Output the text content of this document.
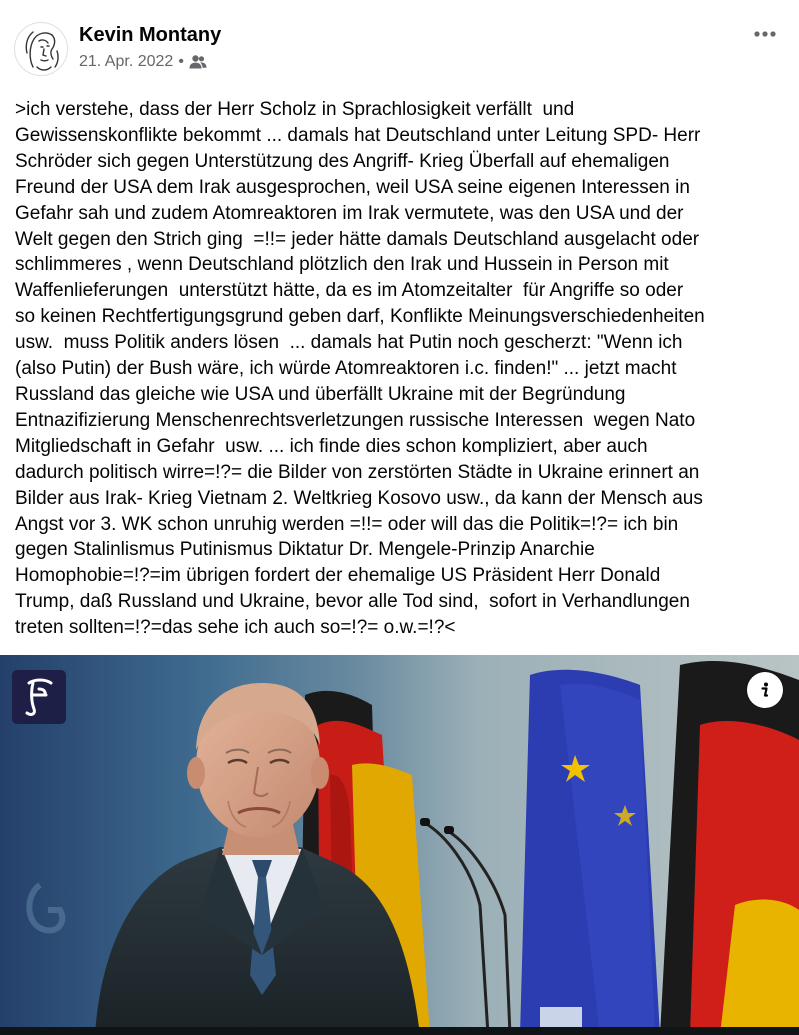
Kevin Montany
21. Apr. 2022 •

>ich verstehe, dass der Herr Scholz in Sprachlosigkeit verfällt  und
Gewissenskonflikte bekommt ... damals hat Deutschland unter Leitung SPD- Herr
Schröder sich gegen Unterstützung des Angriff- Krieg Überfall auf ehemaligen
Freund der USA dem Irak ausgesprochen, weil USA seine eigenen Interessen in
Gefahr sah und zudem Atomreaktoren im Irak vermutete, was den USA und der
Welt gegen den Strich ging  =!!= jeder hätte damals Deutschland ausgelacht oder
schlimmeres , wenn Deutschland plötzlich den Irak und Hussein in Person mit
Waffenlieferungen  unterstützt hätte, da es im Atomzeitalter  für Angriffe so oder
so keinen Rechtfertigungsgrund geben darf, Konflikte Meinungsverschiedenheiten
usw.  muss Politik anders lösen  ... damals hat Putin noch gescherzt: "Wenn ich
(also Putin) der Bush wäre, ich würde Atomreaktoren i.c. finden!" ... jetzt macht
Russland das gleiche wie USA und überfällt Ukraine mit der Begründung
Entnazifizierung Menschenrechtsverletzungen russische Interessen  wegen Nato
Mitgliedschaft in Gefahr  usw. ... ich finde dies schon kompliziert, aber auch
dadurch politisch wirre=!?= die Bilder von zerstörten Städte in Ukraine erinnert an
Bilder aus Irak- Krieg Vietnam 2. Weltkrieg Kosovo usw., da kann der Mensch aus
Angst vor 3. WK schon unruhig werden =!!= oder will das die Politik=!?= ich bin
gegen Stalinlismus Putinismus Diktatur Dr. Mengele-Prinzip Anarchie
Homophobie=!?=im übrigen fordert der ehemalige US Präsident Herr Donald
Trump, daß Russland und Ukraine, bevor alle Tod sind,  sofort in Verhandlungen
treten sollten=!?=das sehe ich auch so=!?= o.w.=!?<
